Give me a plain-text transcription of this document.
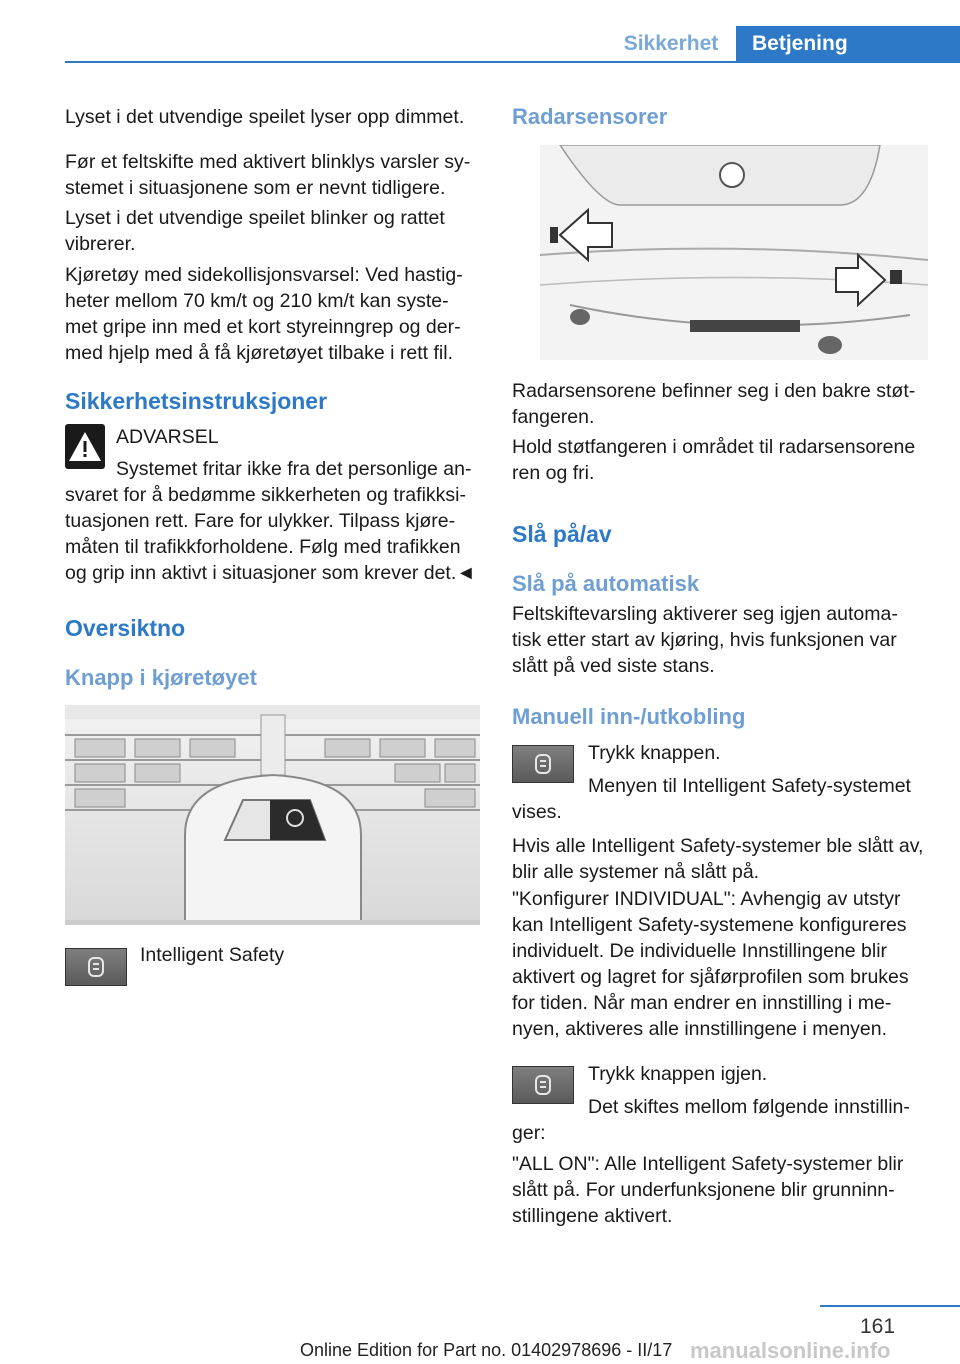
Sikkerhet	Betjening

Lyset i det utvendige speilet lyser opp dimmet.

Før et feltskifte med aktivert blinklys varsler sy‐stemet i situasjonene som er nevnt tidligere.

Lyset i det utvendige speilet blinker og rattet vibrerer.

Kjøretøy med sidekollisjonsvarsel: Ved hastig‐heter mellom 70 km/t og 210 km/t kan syste‐met gripe inn med et kort styreinngrep og der‐med hjelp med å få kjøretøyet tilbake i rett fil.

Sikkerhetsinstruksjoner
ADVARSEL
Systemet fritar ikke fra det personlige an‐svaret for å bedømme sikkerheten og trafikksi‐tuasjonen rett. Fare for ulykker. Tilpass kjøre‐måten til trafikkforholdene. Følg med trafikken og grip inn aktivt i situasjoner som krever det.◄
Oversiktno
Knapp i kjøretøyet
Intelligent Safety
Radarsensorer

Radarsensorene befinner seg i den bakre støt‐fangeren.

Hold støtfangeren i området til radarsensorene ren og fri.

Slå på/av
Slå på automatisk

Feltskiftevarsling aktiverer seg igjen automa‐tisk etter start av kjøring, hvis funksjonen var slått på ved siste stans.

Manuell inn-/utkobling
Trykk knappen.
Menyen til Intelligent Safety-systemet vises.

Hvis alle Intelligent Safety-systemer ble slått av, blir alle systemer nå slått på.

"Konfigurer INDIVIDUAL": Avhengig av utstyr kan Intelligent Safety-systemene konfigureres individuelt. De individuelle Innstillingene blir aktivert og lagret for sjåførprofilen som brukes for tiden. Når man endrer en innstilling i me‐nyen, aktiveres alle innstillingene i menyen.

Trykk knappen igjen.
Det skiftes mellom følgende innstillin‐ger:

"ALL ON": Alle Intelligent Safety-systemer blir slått på. For underfunksjonene blir grunninn‐stillingene aktivert.

161
Online Edition for Part no. 01402978696 - II/17 manualsonline.info
